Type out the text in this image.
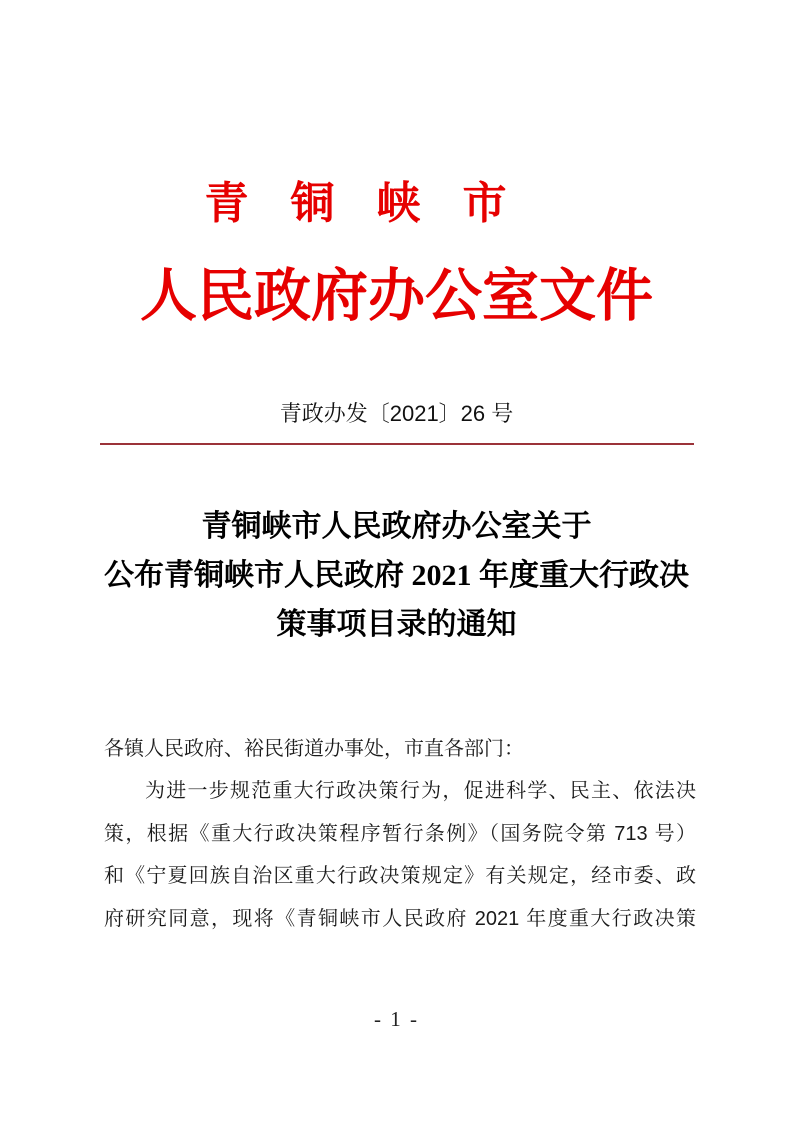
青铜峡市
人民政府办公室文件
青政办发〔2021〕26 号
青铜峡市人民政府办公室关于
公布青铜峡市人民政府 2021 年度重大行政决
策事项目录的通知
各镇人民政府、裕民街道办事处，市直各部门：
为进一步规范重大行政决策行为，促进科学、民主、依法决
策，根据《重大行政决策程序暂行条例》（国务院令第 713 号）
和《宁夏回族自治区重大行政决策规定》有关规定，经市委、政
府研究同意，现将《青铜峡市人民政府 2021 年度重大行政决策
- 1 -
